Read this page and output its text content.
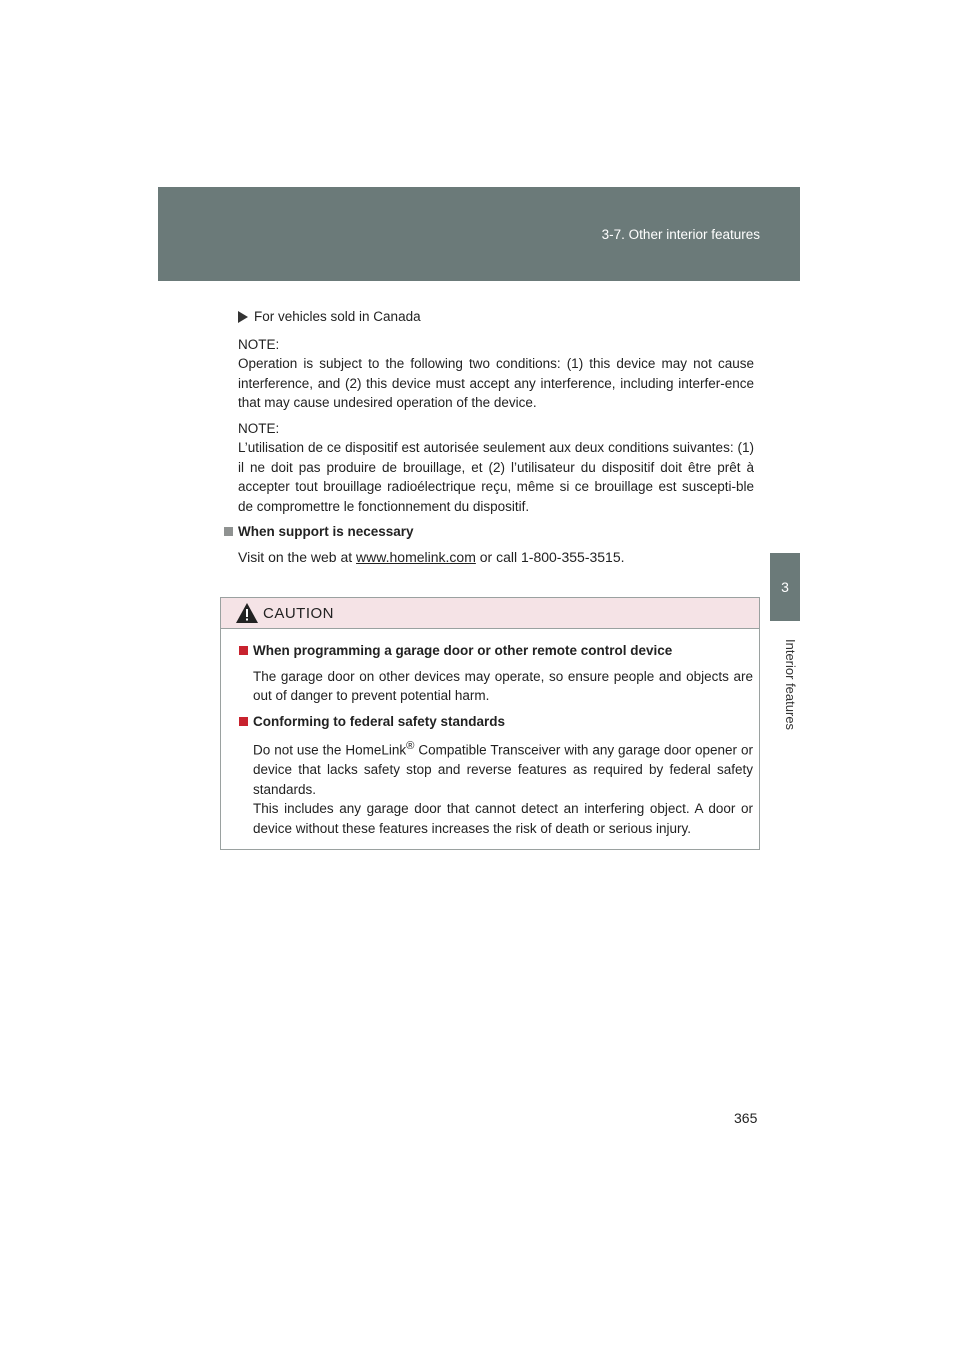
3-7. Other interior features
3
Interior features
For vehicles sold in Canada

NOTE:

Operation is subject to the following two conditions: (1) this device may not cause interference, and (2) this device must accept any interference, including interfer-ence that may cause undesired operation of the device.

NOTE:

L’utilisation de ce dispositif est autorisée seulement aux deux conditions suivantes: (1) il ne doit pas produire de brouillage, et (2) l’utilisateur du dispositif doit être prêt à accepter tout brouillage radioélectrique reçu, même si ce brouillage est suscepti-ble de compromettre le fonctionnement du dispositif.

When support is necessary
Visit on the web at www.homelink.com or call 1-800-355-3515.
CAUTION
When programming a garage door or other remote control device

The garage door on other devices may operate, so ensure people and objects are out of danger to prevent potential harm.

Conforming to federal safety standards

Do not use the HomeLink® Compatible Transceiver with any garage door opener or device that lacks safety stop and reverse features as required by federal safety standards.

This includes any garage door that cannot detect an interfering object. A door or device without these features increases the risk of death or serious injury.

365
